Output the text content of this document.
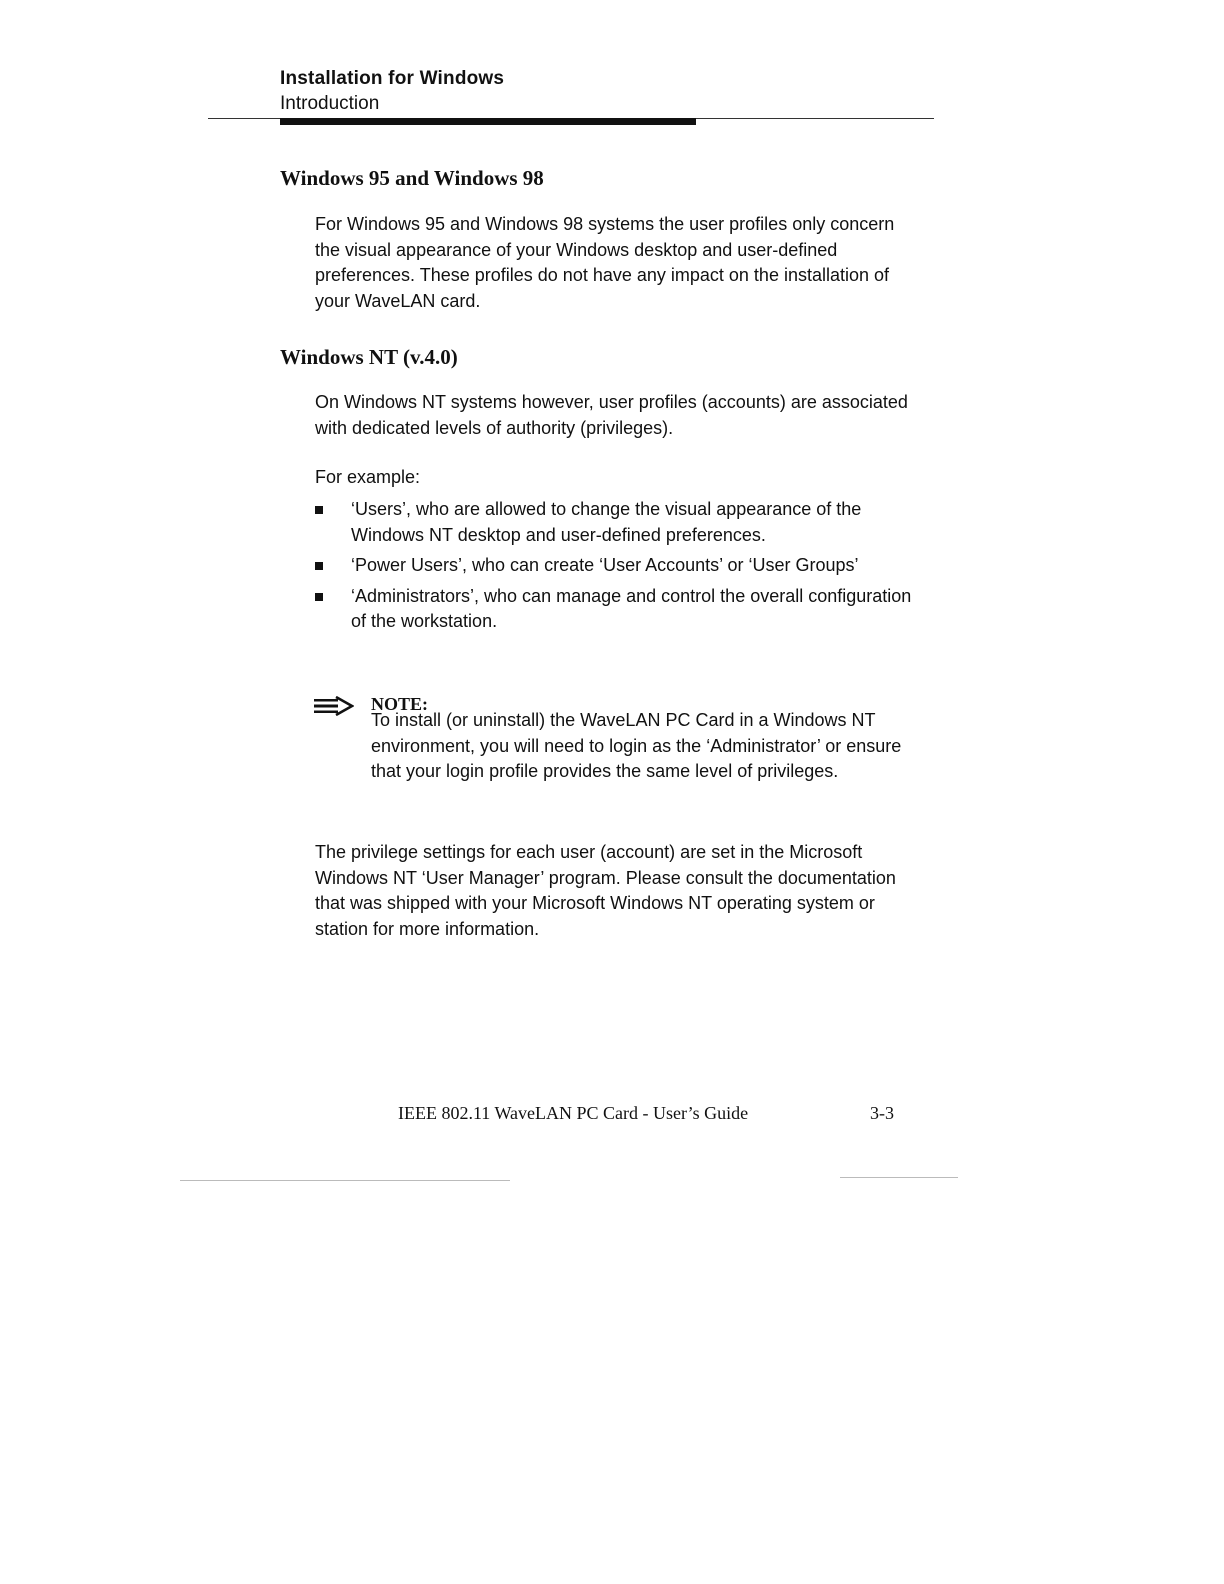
Installation for Windows
Introduction
Windows 95 and Windows 98
For Windows 95 and Windows 98 systems the user profiles only concern the visual appearance of your Windows desktop and user-defined preferences. These profiles do not have any impact on the installation of your WaveLAN card.
Windows NT (v.4.0)
On Windows NT systems however, user profiles (accounts) are associated with dedicated levels of authority (privileges).
For example:
‘Users’, who are allowed to change the visual appearance of the Windows NT desktop and user-defined preferences.
‘Power Users’, who can create ‘User Accounts’ or ‘User Groups’
‘Administrators’, who can manage and control the overall configuration of the workstation.
NOTE:
To install (or uninstall) the WaveLAN PC Card in a Windows NT environment, you will need to login as the ‘Administrator’ or ensure that your login profile provides the same level of privileges.
The privilege settings for each user (account) are set in the Microsoft Windows NT ‘User Manager’ program. Please consult the documentation that was shipped with your Microsoft Windows NT operating system or station for more information.
IEEE 802.11 WaveLAN PC Card - User’s Guide	3-3
